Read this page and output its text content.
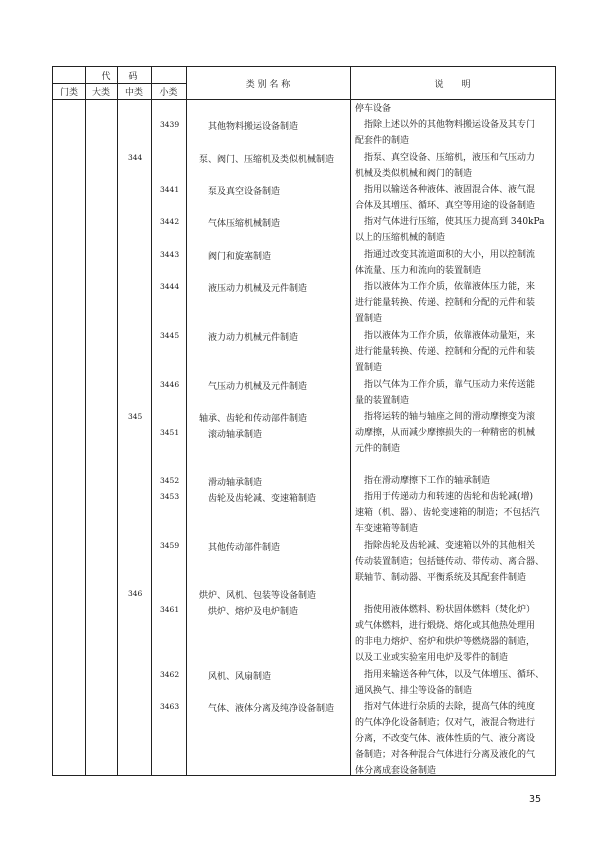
代　　码
门类	大类	中类	小类
类 别 名 称	说　　明
停车设备
3439	其他物料搬运设备制造	指除上述以外的其他物料搬运设备及其专门
配套件的制造
344	泵、阀门、压缩机及类似机械制造	指泵、真空设备、压缩机，液压和气压动力
机械及类似机械和阀门的制造
3441	泵及真空设备制造	指用以输送各种液体、液固混合体、液气混
合体及其增压、循环、真空等用途的设备制造
3442	气体压缩机械制造	指对气体进行压缩，使其压力提高到 340kPa
以上的压缩机械的制造
3443	阀门和旋塞制造	指通过改变其流道面积的大小，用以控制流
体流量、压力和流向的装置制造
3444	液压动力机械及元件制造	指以液体为工作介质，依靠液体压力能，来
进行能量转换、传递、控制和分配的元件和装
置制造
3445	液力动力机械元件制造	指以液体为工作介质，依靠液体动量矩，来
进行能量转换、传递、控制和分配的元件和装
置制造
3446	气压动力机械及元件制造	指以气体为工作介质，靠气压动力来传送能
量的装置制造
345	轴承、齿轮和传动部件制造
3451	滚动轴承制造
指将运转的轴与轴座之间的滑动摩擦变为滚
动摩擦，从而减少摩擦损失的一种精密的机械
元件的制造
3452	滑动轴承制造	指在滑动摩擦下工作的轴承制造
3453	齿轮及齿轮减、变速箱制造	指用于传递动力和转速的齿轮和齿轮减(增)
速箱（机、器）、齿轮变速箱的制造；不包括汽
车变速箱等制造
3459	其他传动部件制造	指除齿轮及齿轮减、变速箱以外的其他相关
传动装置制造；包括链传动、带传动、离合器、
联轴节、制动器、平衡系统及其配套件制造
346	烘炉、风机、包装等设备制造
3461	烘炉、熔炉及电炉制造	指使用液体燃料、粉状固体燃料（焚化炉）
或气体燃料，进行煅烧、熔化或其他热处理用
的非电力熔炉、窑炉和烘炉等燃烧器的制造，
以及工业或实验室用电炉及零件的制造
3462	风机、风扇制造	指用来输送各种气体，以及气体增压、循环、
通风换气、排尘等设备的制造
3463	气体、液体分离及纯净设备制造	指对气体进行杂质的去除，提高气体的纯度
的气体净化设备制造；仅对气，液混合物进行
分离，不改变气体、液体性质的气、液分离设
备制造；对各种混合气体进行分离及液化的气
体分离成套设备制造
35
